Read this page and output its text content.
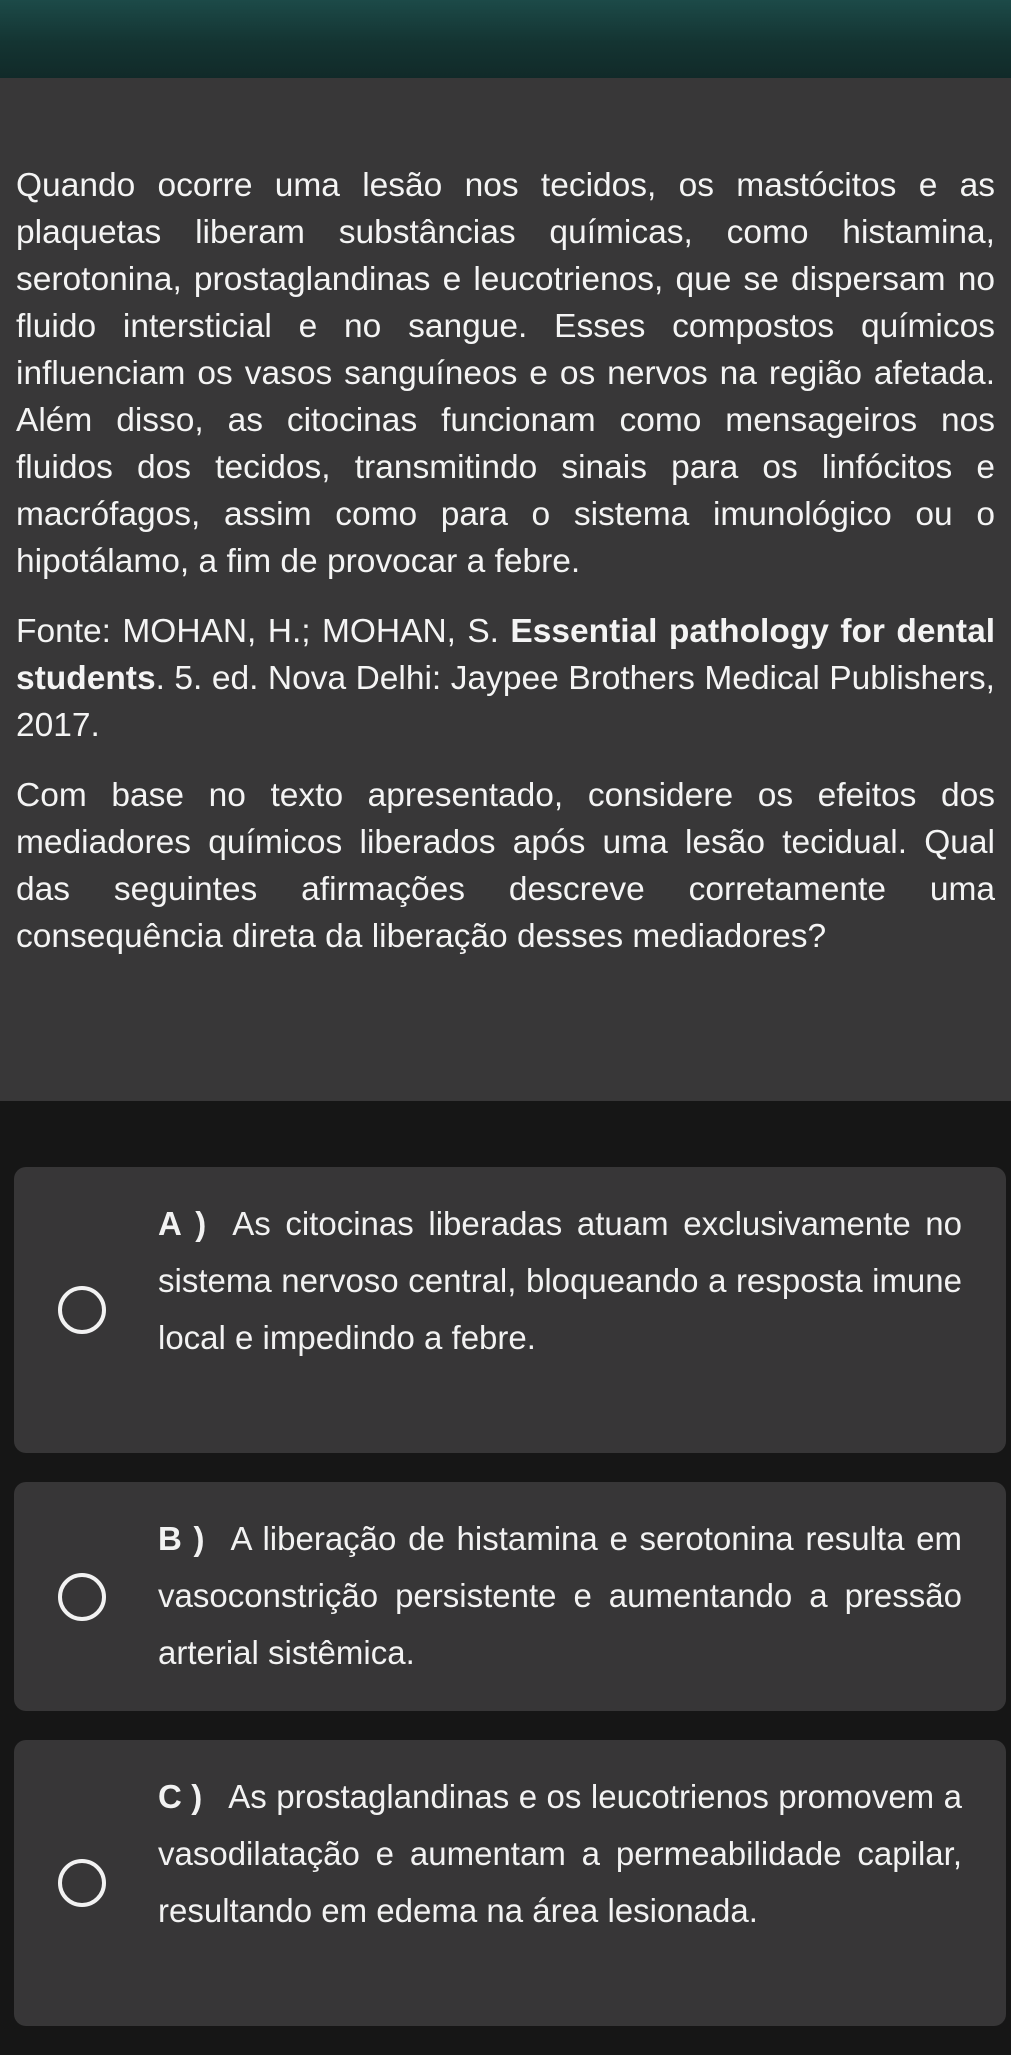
Quando ocorre uma lesão nos tecidos, os mastócitos e as plaquetas liberam substâncias químicas, como histamina, serotonina, prostaglandinas e leucotrienos, que se dispersam no fluido intersticial e no sangue. Esses compostos químicos influenciam os vasos sanguíneos e os nervos na região afetada. Além disso, as citocinas funcionam como mensageiros nos fluidos dos tecidos, transmitindo sinais para os linfócitos e macrófagos, assim como para o sistema imunológico ou o hipotálamo, a fim de provocar a febre.

Fonte: MOHAN, H.; MOHAN, S. Essential pathology for dental students. 5. ed. Nova Delhi: Jaypee Brothers Medical Publishers, 2017.

Com base no texto apresentado, considere os efeitos dos mediadores químicos liberados após uma lesão tecidual. Qual das seguintes afirmações descreve corretamente uma consequência direta da liberação desses mediadores?

A ) As citocinas liberadas atuam exclusivamente no sistema nervoso central, bloqueando a resposta imune local e impedindo a febre.
B ) A liberação de histamina e serotonina resulta em vasoconstrição persistente e aumentando a pressão arterial sistêmica.
C ) As prostaglandinas e os leucotrienos promovem a vasodilatação e aumentam a permeabilidade capilar, resultando em edema na área lesionada.
